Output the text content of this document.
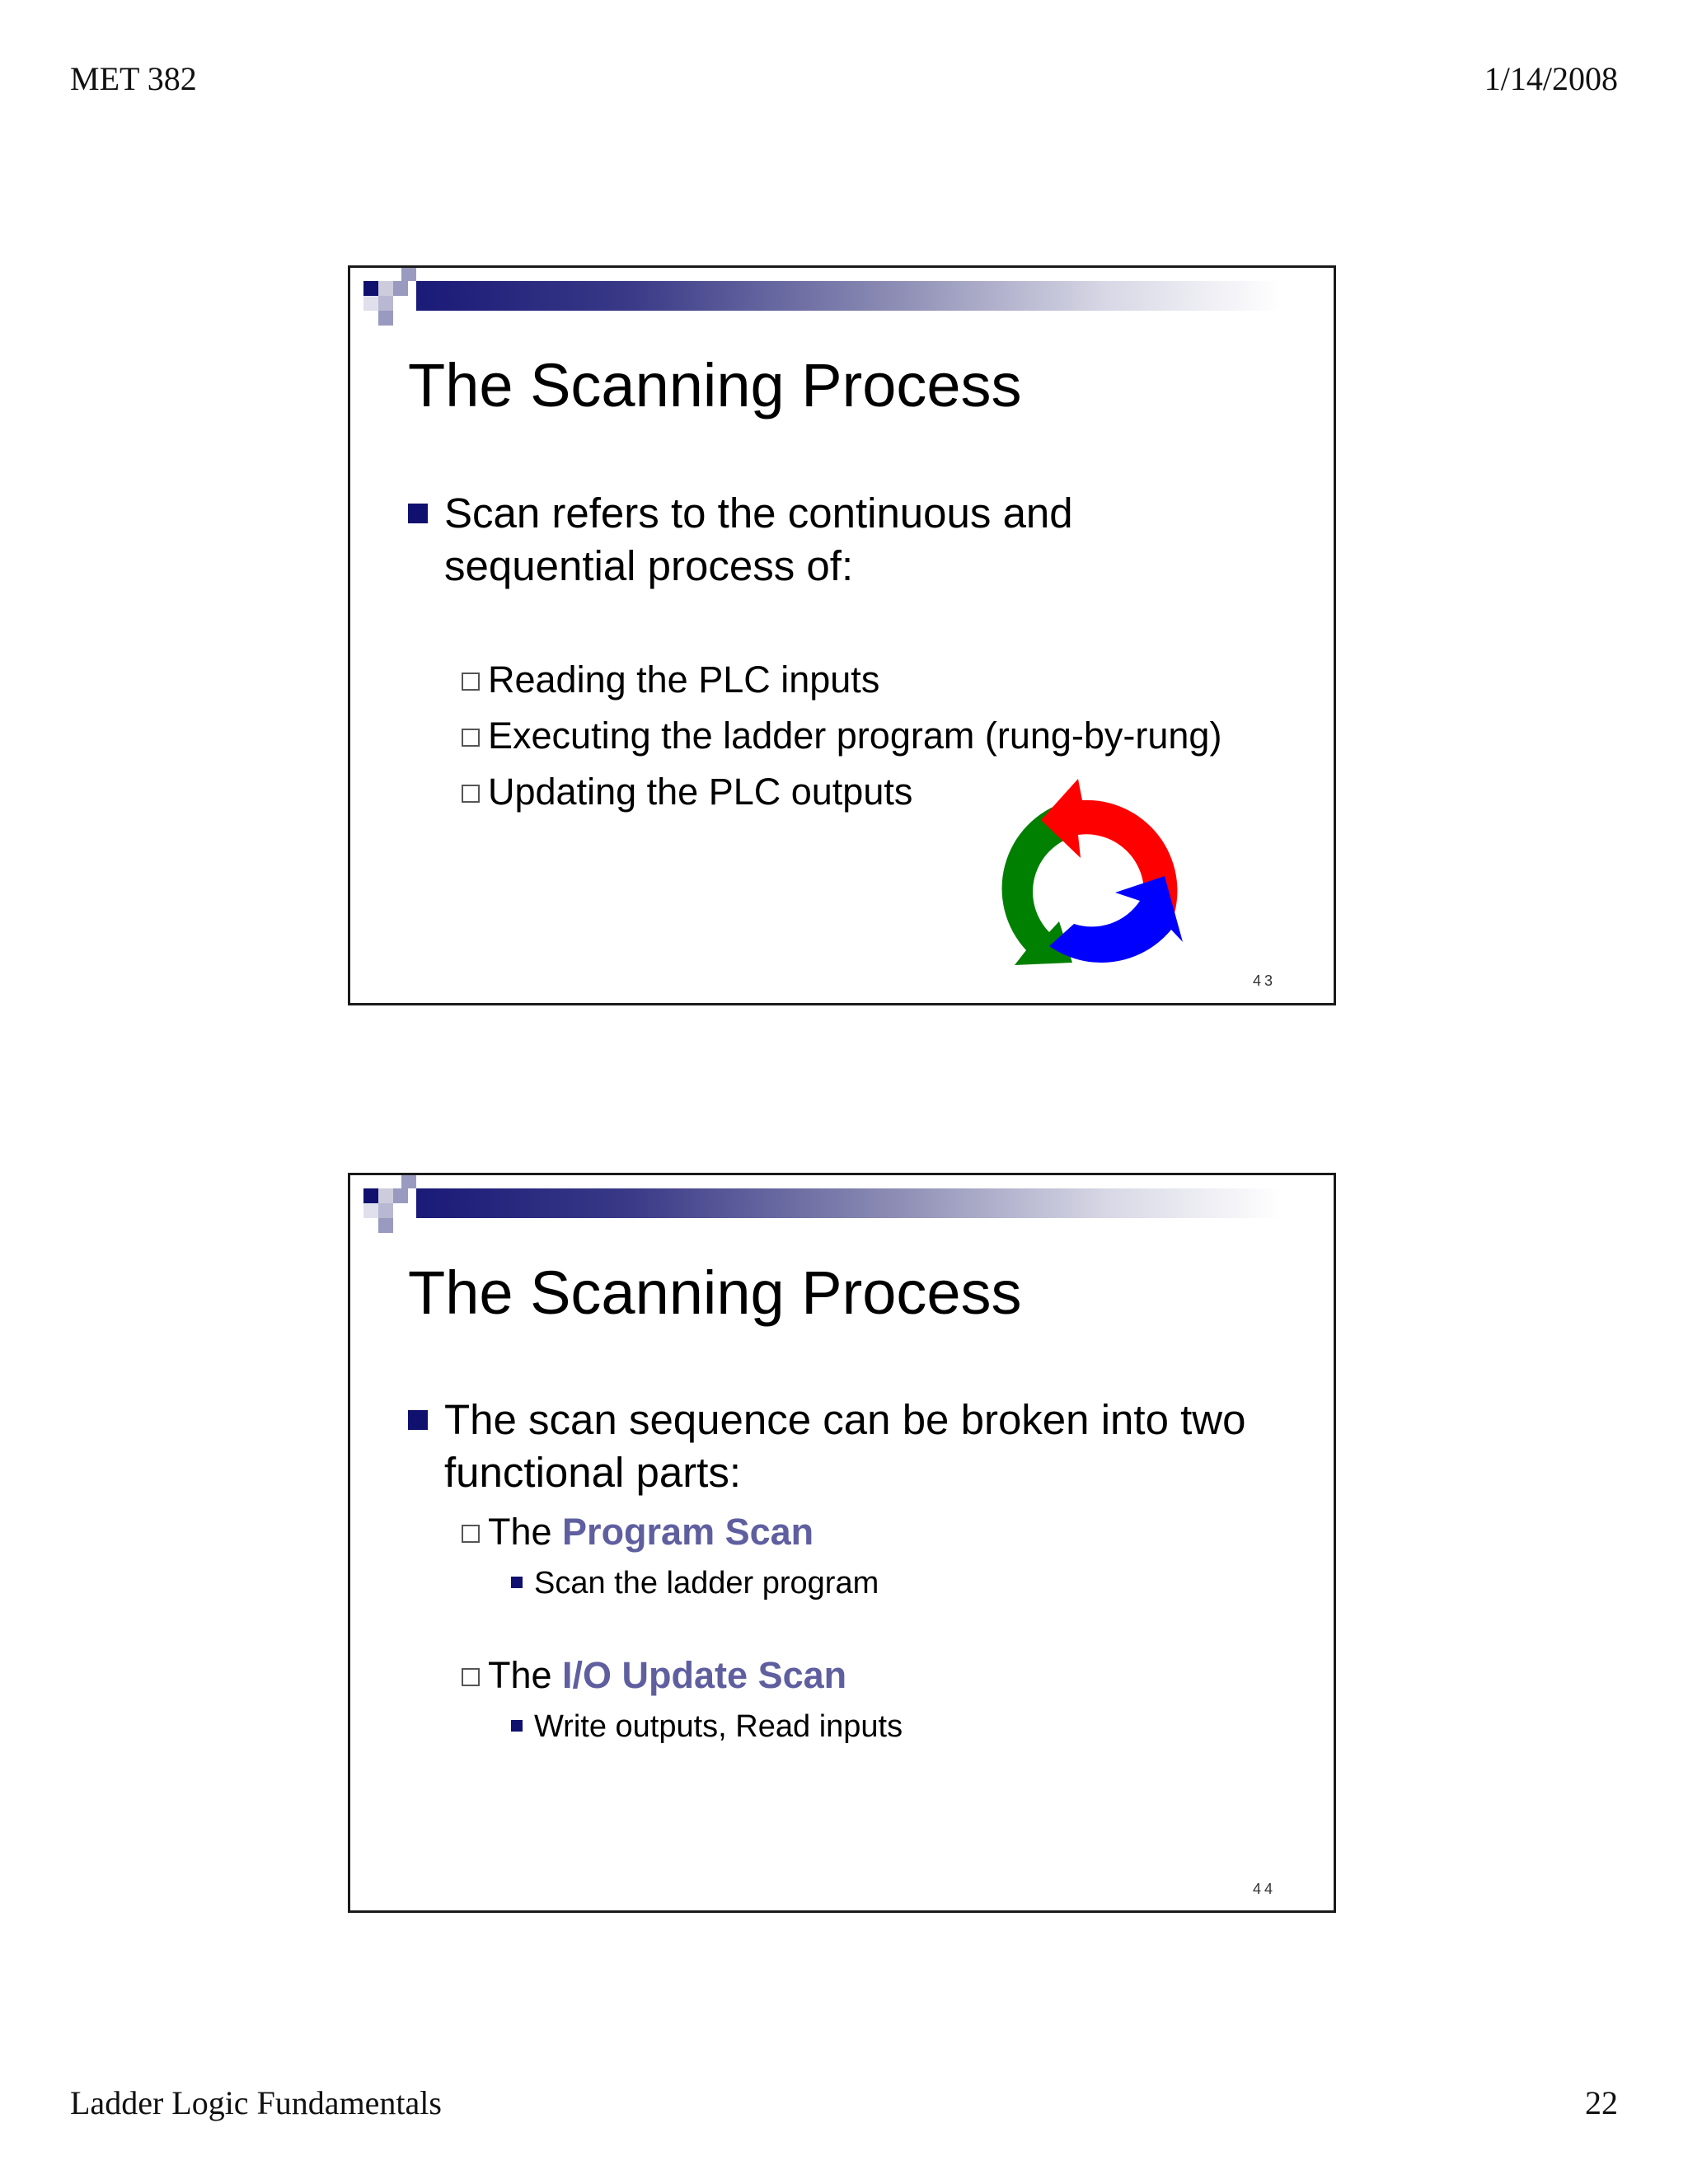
MET 382	1/14/2008
The Scanning Process
Scan refers to the continuous and sequential process of:
Reading the PLC inputs
Executing the ladder program (rung-by-rung)
Updating the PLC outputs
43
The Scanning Process
The scan sequence can be broken into two functional parts:
The Program Scan
Scan the ladder program
The I/O Update Scan
Write outputs, Read inputs
44
Ladder Logic Fundamentals	22
